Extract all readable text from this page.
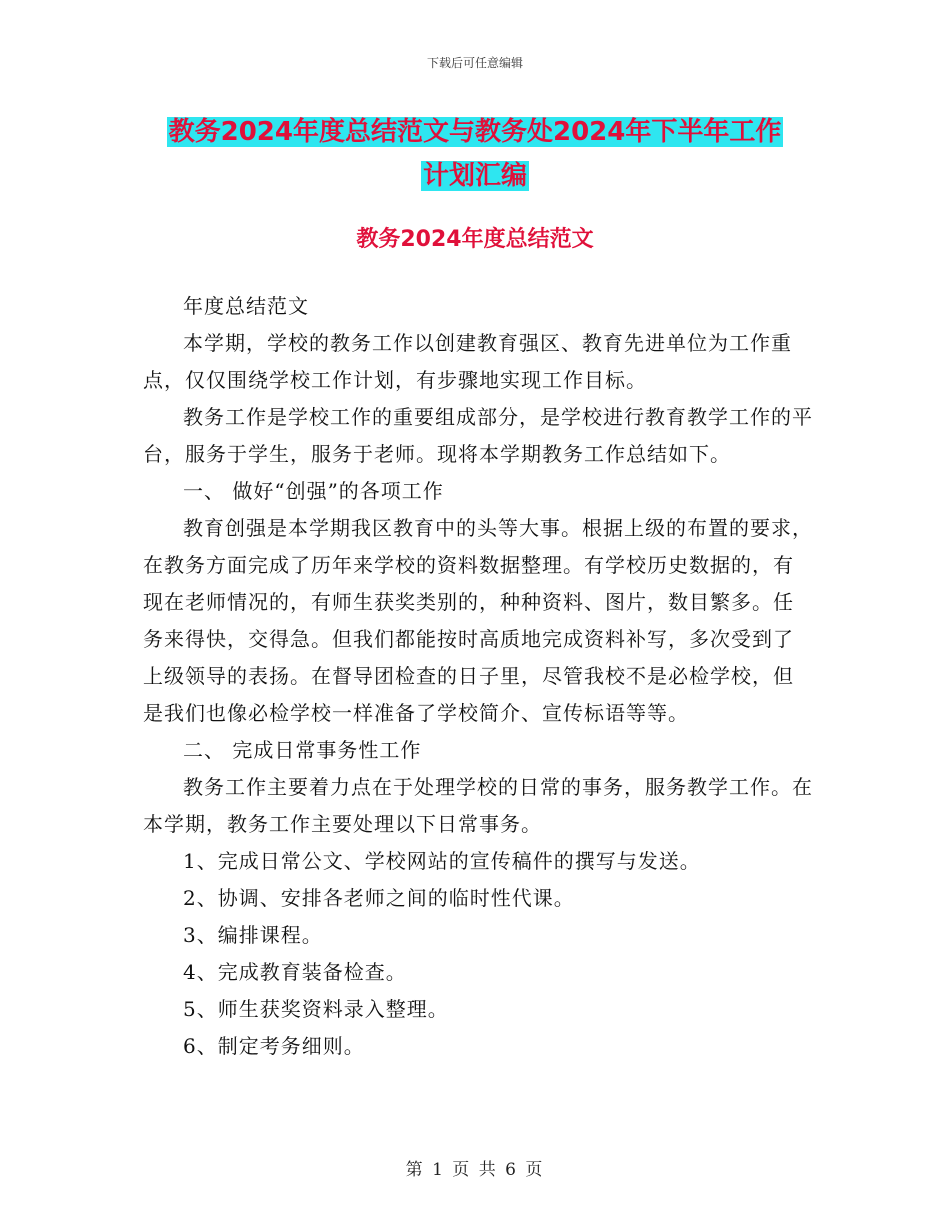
下载后可任意编辑
教务2024年度总结范文与教务处2024年下半年工作
计划汇编
教务2024年度总结范文

年度总结范文

本学期，学校的教务工作以创建教育强区、教育先进单位为工作重点，仅仅围绕学校工作计划，有步骤地实现工作目标。

教务工作是学校工作的重要组成部分，是学校进行教育教学工作的平台，服务于学生，服务于老师。现将本学期教务工作总结如下。

一、 做好“创强”的各项工作

教育创强是本学期我区教育中的头等大事。根据上级的布置的要求，在教务方面完成了历年来学校的资料数据整理。有学校历史数据的，有现在老师情况的，有师生获奖类别的，种种资料、图片，数目繁多。任务来得快，交得急。但我们都能按时高质地完成资料补写，多次受到了上级领导的表扬。在督导团检查的日子里，尽管我校不是必检学校，但是我们也像必检学校一样准备了学校简介、宣传标语等等。

二、 完成日常事务性工作

教务工作主要着力点在于处理学校的日常的事务，服务教学工作。在本学期，教务工作主要处理以下日常事务。

1、完成日常公文、学校网站的宣传稿件的撰写与发送。

2、协调、安排各老师之间的临时性代课。

3、编排课程。

4、完成教育装备检查。

5、师生获奖资料录入整理。

6、制定考务细则。

第 1 页 共 6 页
